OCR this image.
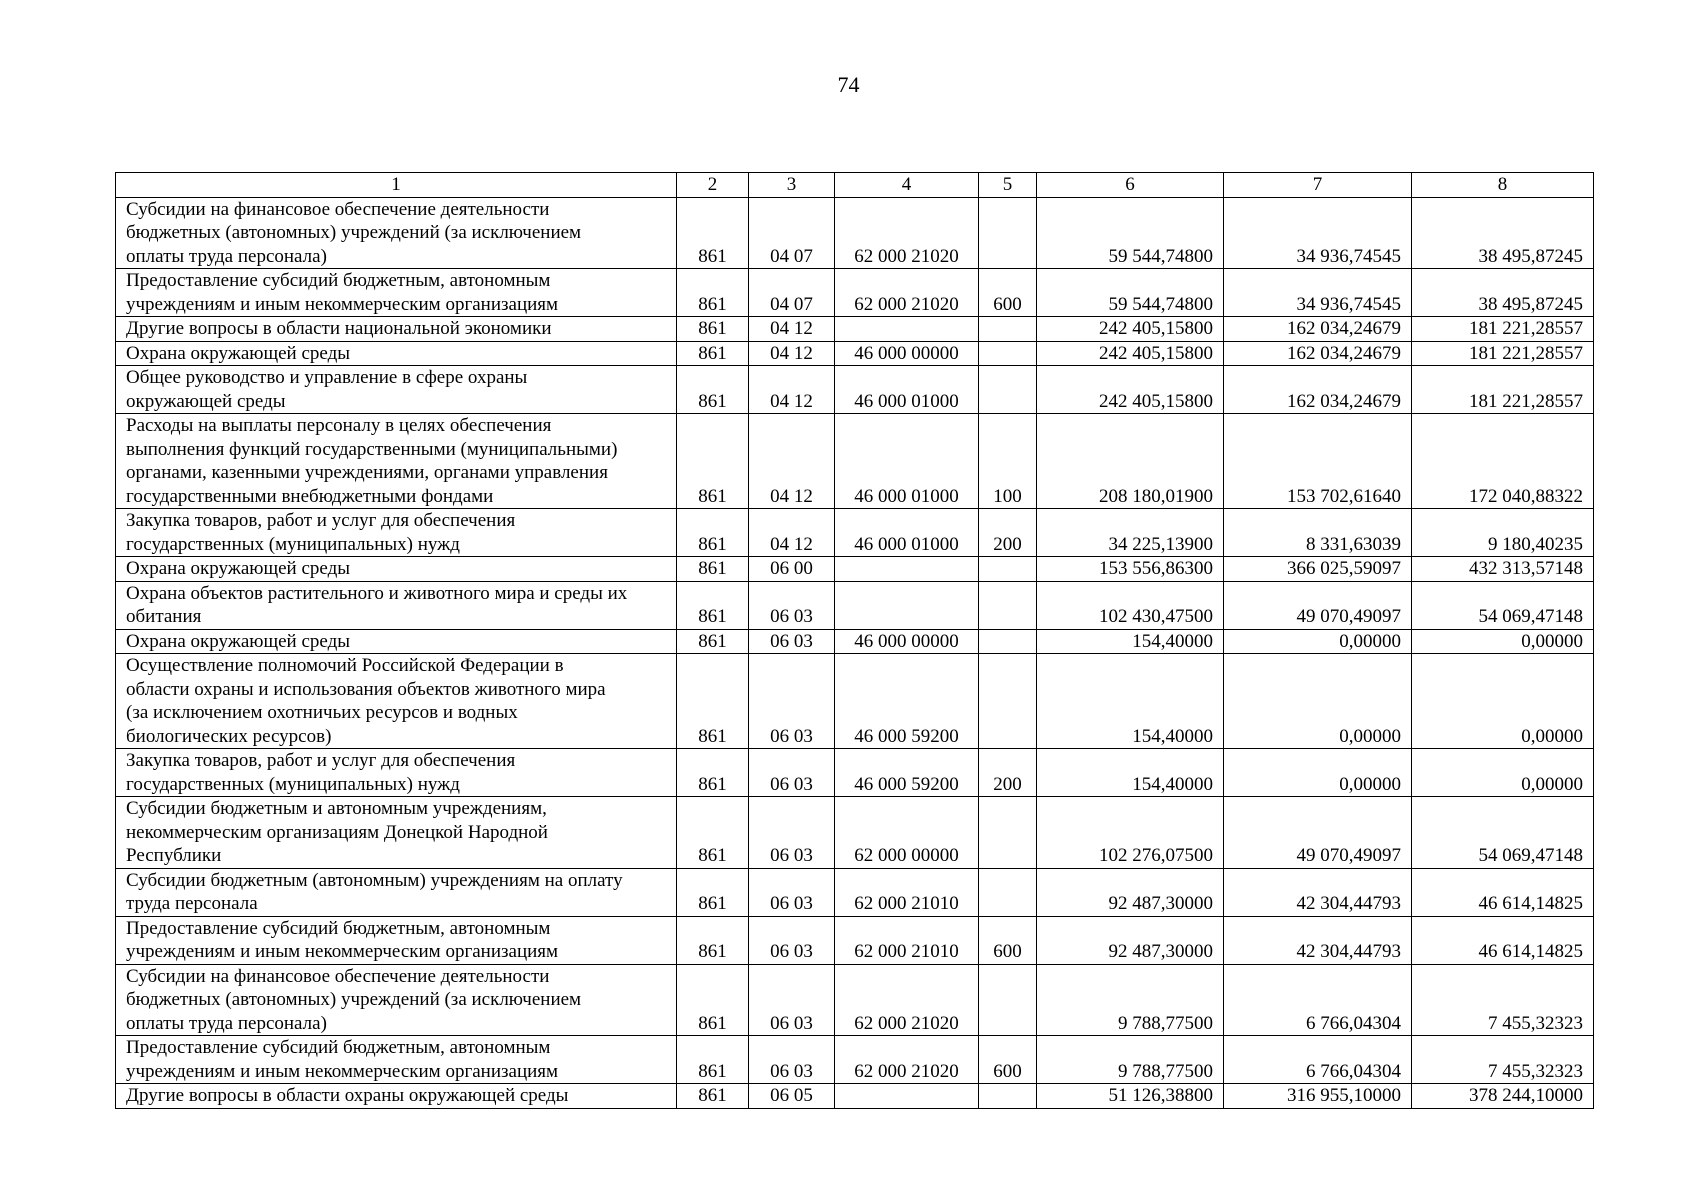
74
1	2	3	4	5	6	7	8

Субсидии на финансовое обеспечение деятельности
бюджетных (автономных) учреждений (за исключением
оплаты труда персонала)	861	04 07	62 000 21020		59 544,74800	34 936,74545	38 495,87245

Предоставление субсидий бюджетным, автономным
учреждениям и иным некоммерческим организациям	861	04 07	62 000 21020	600	59 544,74800	34 936,74545	38 495,87245

Другие вопросы в области национальной экономики	861	04 12			242 405,15800	162 034,24679	181 221,28557

Охрана окружающей среды	861	04 12	46 000 00000		242 405,15800	162 034,24679	181 221,28557

Общее руководство и управление в сфере охраны
окружающей среды	861	04 12	46 000 01000		242 405,15800	162 034,24679	181 221,28557

Расходы на выплаты персоналу в целях обеспечения
выполнения функций государственными (муниципальными)
органами, казенными учреждениями, органами управления
государственными внебюджетными фондами	861	04 12	46 000 01000	100	208 180,01900	153 702,61640	172 040,88322

Закупка товаров, работ и услуг для обеспечения
государственных (муниципальных) нужд	861	04 12	46 000 01000	200	34 225,13900	8 331,63039	9 180,40235

Охрана окружающей среды	861	06 00			153 556,86300	366 025,59097	432 313,57148

Охрана объектов растительного и животного мира и среды их
обитания	861	06 03			102 430,47500	49 070,49097	54 069,47148

Охрана окружающей среды	861	06 03	46 000 00000		154,40000	0,00000	0,00000

Осуществление полномочий Российской Федерации в
области охраны и использования объектов животного мира
(за исключением охотничьих ресурсов и водных
биологических ресурсов)	861	06 03	46 000 59200		154,40000	0,00000	0,00000

Закупка товаров, работ и услуг для обеспечения
государственных (муниципальных) нужд	861	06 03	46 000 59200	200	154,40000	0,00000	0,00000

Субсидии бюджетным и автономным учреждениям,
некоммерческим организациям Донецкой Народной
Республики	861	06 03	62 000 00000		102 276,07500	49 070,49097	54 069,47148

Субсидии бюджетным (автономным) учреждениям на оплату
труда персонала	861	06 03	62 000 21010		92 487,30000	42 304,44793	46 614,14825

Предоставление субсидий бюджетным, автономным
учреждениям и иным некоммерческим организациям	861	06 03	62 000 21010	600	92 487,30000	42 304,44793	46 614,14825

Субсидии на финансовое обеспечение деятельности
бюджетных (автономных) учреждений (за исключением
оплаты труда персонала)	861	06 03	62 000 21020		9 788,77500	6 766,04304	7 455,32323

Предоставление субсидий бюджетным, автономным
учреждениям и иным некоммерческим организациям	861	06 03	62 000 21020	600	9 788,77500	6 766,04304	7 455,32323

Другие вопросы в области охраны окружающей среды	861	06 05			51 126,38800	316 955,10000	378 244,10000
